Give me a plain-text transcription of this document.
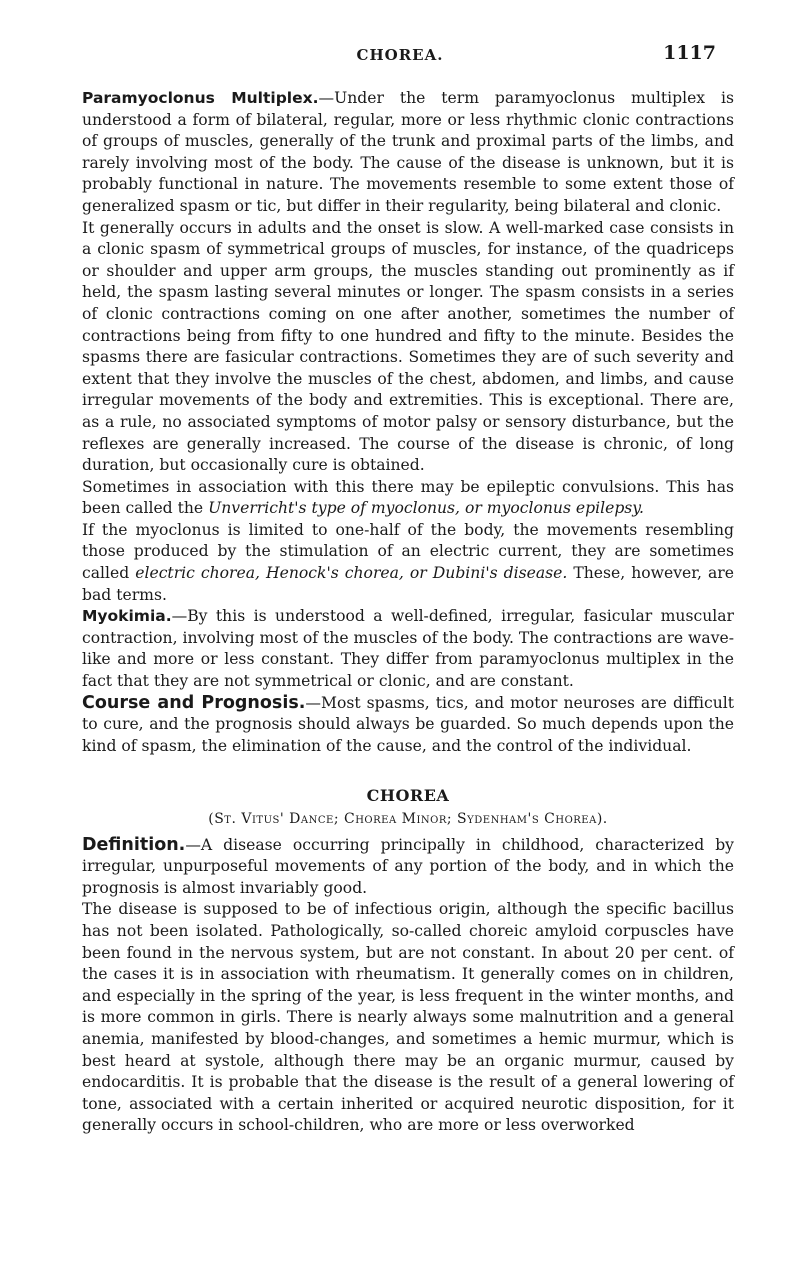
CHOREA.	1117

Paramyoclonus Multiplex.—Under the term paramyoclonus multiplex is understood a form of bilateral, regular, more or less rhythmic clonic contractions of groups of muscles, generally of the trunk and proximal parts of the limbs, and rarely involving most of the body. The cause of the disease is unknown, but it is probably functional in nature. The movements resemble to some extent those of generalized spasm or tic, but differ in their regularity, being bilateral and clonic.

It generally occurs in adults and the onset is slow. A well-marked case consists in a clonic spasm of symmetrical groups of muscles, for instance, of the quadriceps or shoulder and upper arm groups, the muscles standing out prominently as if held, the spasm lasting several minutes or longer. The spasm consists in a series of clonic contractions coming on one after another, sometimes the number of contractions being from fifty to one hundred and fifty to the minute. Besides the spasms there are fasicular contractions. Sometimes they are of such severity and extent that they involve the muscles of the chest, abdomen, and limbs, and cause irregular movements of the body and extremities. This is exceptional. There are, as a rule, no associated symptoms of motor palsy or sensory disturbance, but the reflexes are generally increased. The course of the disease is chronic, of long duration, but occasionally cure is obtained.

Sometimes in association with this there may be epileptic convulsions. This has been called the Unverricht's type of myoclonus, or myoclonus epilepsy.

If the myoclonus is limited to one-half of the body, the movements resembling those produced by the stimulation of an electric current, they are sometimes called electric chorea, Henock's chorea, or Dubini's disease. These, however, are bad terms.

Myokimia.—By this is understood a well-defined, irregular, fasicular muscular contraction, involving most of the muscles of the body. The contractions are wave-like and more or less constant. They differ from paramyoclonus multiplex in the fact that they are not symmetrical or clonic, and are constant.

Course and Prognosis.—Most spasms, tics, and motor neuroses are difficult to cure, and the prognosis should always be guarded. So much depends upon the kind of spasm, the elimination of the cause, and the control of the individual.

CHOREA
(St. Vitus' Dance; Chorea Minor; Sydenham's Chorea).

Definition.—A disease occurring principally in childhood, characterized by irregular, unpurposeful movements of any portion of the body, and in which the prognosis is almost invariably good.

The disease is supposed to be of infectious origin, although the specific bacillus has not been isolated. Pathologically, so-called choreic amyloid corpuscles have been found in the nervous system, but are not constant. In about 20 per cent. of the cases it is in association with rheumatism. It generally comes on in children, and especially in the spring of the year, is less frequent in the winter months, and is more common in girls. There is nearly always some malnutrition and a general anemia, manifested by blood-changes, and sometimes a hemic murmur, which is best heard at systole, although there may be an organic murmur, caused by endocarditis. It is probable that the disease is the result of a general lowering of tone, associated with a certain inherited or acquired neurotic disposition, for it generally occurs in school-children, who are more or less overworked
